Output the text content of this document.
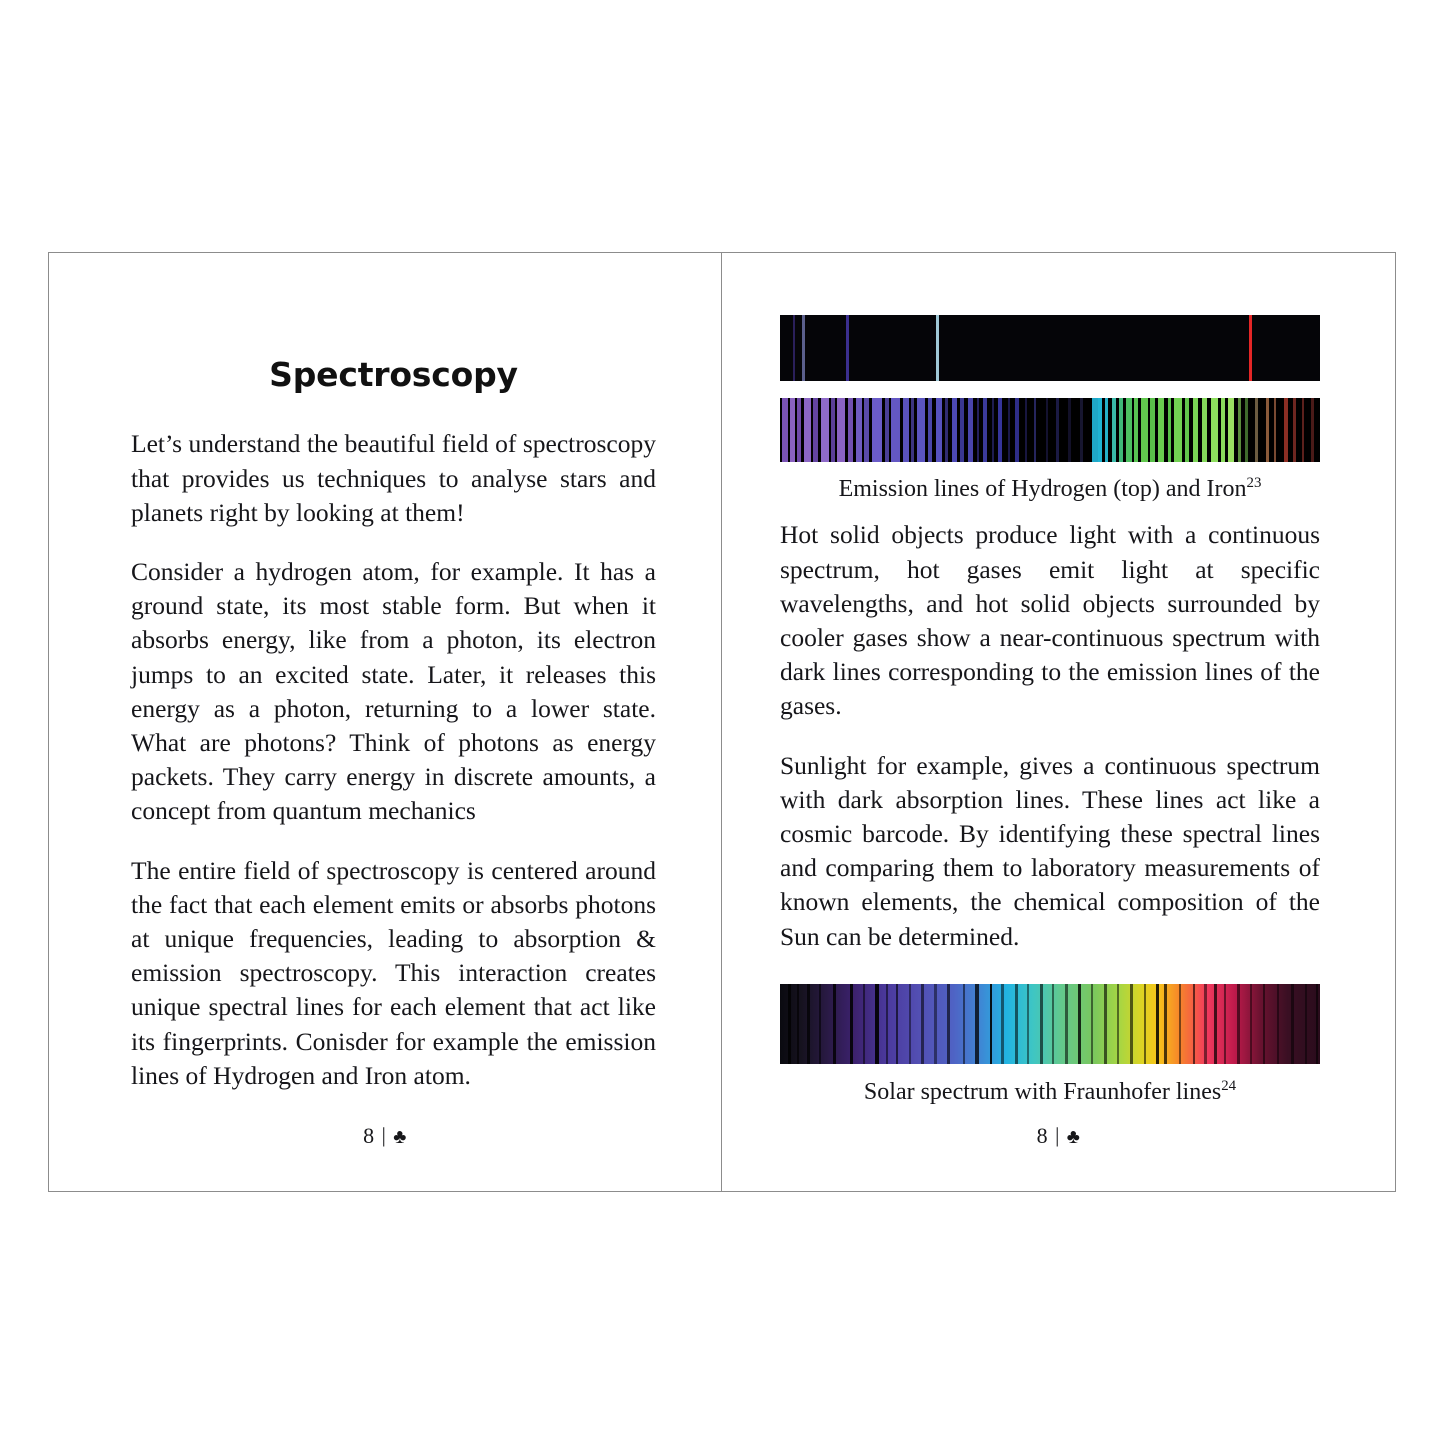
Spectroscopy

Let’s understand the beautiful field of spectroscopy that provides us techniques to analyse stars and planets right by looking at them!

Consider a hydrogen atom, for example. It has a ground state, its most stable form. But when it absorbs energy, like from a photon, its electron jumps to an excited state. Later, it releases this energy as a photon, returning to a lower state. What are photons? Think of photons as energy packets. They carry energy in discrete amounts, a concept from quantum mechanics

The entire field of spectroscopy is centered around the fact that each element emits or absorbs photons at unique frequencies, leading to absorption & emission spectroscopy. This interaction creates unique spectral lines for each element that act like its fingerprints. Conisder for example the emission lines of Hydrogen and Iron atom.

8 | ♣
Emission lines of Hydrogen (top) and Iron$^{23}$

Hot solid objects produce light with a continuous spectrum, hot gases emit light at specific wavelengths, and hot solid objects surrounded by cooler gases show a near-continuous spectrum with dark lines corresponding to the emission lines of the gases.

Sunlight for example, gives a continuous spectrum with dark absorption lines. These lines act like a cosmic barcode. By identifying these spectral lines and comparing them to laboratory measurements of known elements, the chemical composition of the Sun can be determined.

Solar spectrum with Fraunhofer lines$^{24}$
8 | ♣
